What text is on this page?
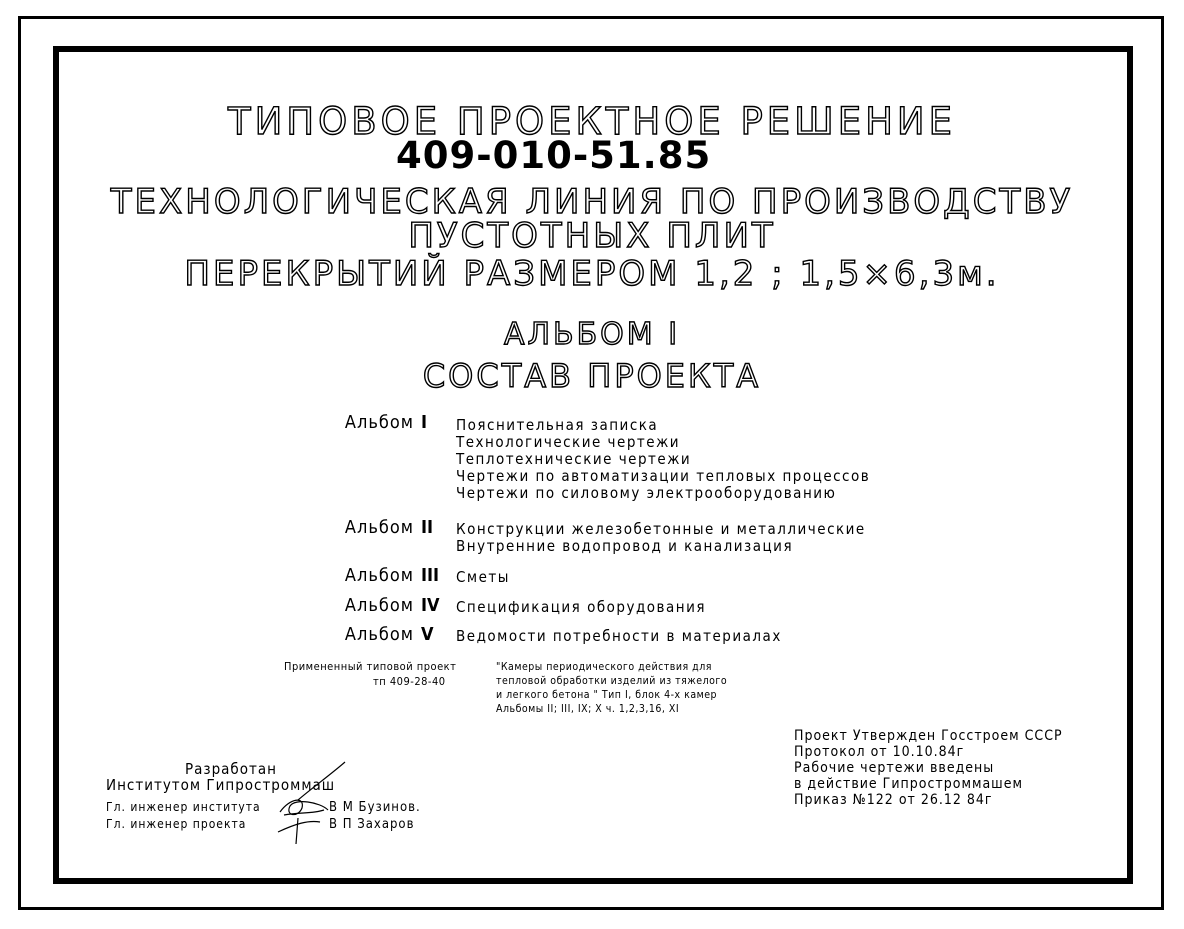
ТИПОВОЕ ПРОЕКТНОЕ РЕШЕНИЕ
409-010-51.85
ТЕХНОЛОГИЧЕСКАЯ ЛИНИЯ ПО ПРОИЗВОДСТВУ
ПУСТОТНЫХ ПЛИТ
ПЕРЕКРЫТИЙ РАЗМЕРОМ 1,2 ; 1,5×6,3м.
АЛЬБОМ I
СОСТАВ ПРОЕКТА
Альбом I Пояснительная записка
Технологические чертежи
Теплотехнические чертежи
Чертежи по автоматизации тепловых процессов
Чертежи по силовому электрооборудованию
Альбом II Конструкции железобетонные и металлические
Внутренние водопровод и канализация
Альбом III Сметы
Альбом IV Спецификация оборудования
Альбом V Ведомости потребности в материалах
Примененный типовой проект
тп 409-28-40
"Камеры периодического действия для
тепловой обработки изделий из тяжелого
и легкого бетона " Тип I, блок 4-х камер
Альбомы II; III, IX; X ч. 1,2,3,16, XI
Проект Утвержден Госстроем СССР
Протокол от 10.10.84г
Рабочие чертежи введены
в действие Гипростроммашем
Приказ №122 от 26.12 84г
Разработан
Институтом Гипростроммаш
Гл. инженер института	В М Бузинов.
Гл. инженер проекта	В П Захаров
